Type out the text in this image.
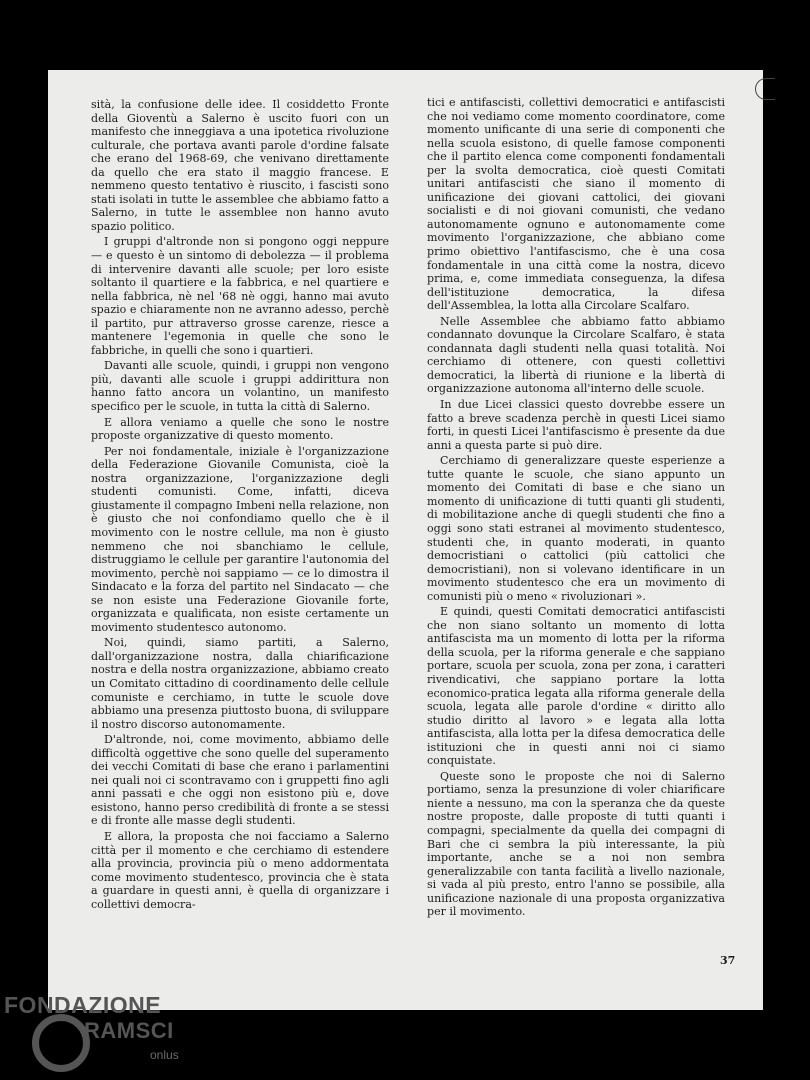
sità, la confusione delle idee. Il cosiddetto Fronte della Gioventù a Salerno è uscito fuori con un manifesto che inneggiava a una ipotetica rivoluzione culturale, che portava avanti parole d'ordine falsate che erano del 1968-69, che venivano direttamente da quello che era stato il maggio francese. E nemmeno questo tentativo è riuscito, i fascisti sono stati isolati in tutte le assemblee che abbiamo fatto a Salerno, in tutte le assemblee non hanno avuto spazio politico.

I gruppi d'altronde non si pongono oggi neppure — e questo è un sintomo di debolezza — il problema di intervenire davanti alle scuole; per loro esiste soltanto il quartiere e la fabbrica, e nel quartiere e nella fabbrica, nè nel '68 nè oggi, hanno mai avuto spazio e chiaramente non ne avranno adesso, perchè il partito, pur attraverso grosse carenze, riesce a mantenere l'egemonia in quelle che sono le fabbriche, in quelli che sono i quartieri.

Davanti alle scuole, quindi, i gruppi non vengono più, davanti alle scuole i gruppi addirittura non hanno fatto ancora un volantino, un manifesto specifico per le scuole, in tutta la città di Salerno.

E allora veniamo a quelle che sono le nostre proposte organizzative di questo momento.

Per noi fondamentale, iniziale è l'organizzazione della Federazione Giovanile Comunista, cioè la nostra organizzazione, l'organizzazione degli studenti comunisti. Come, infatti, diceva giustamente il compagno Imbeni nella relazione, non è giusto che noi confondiamo quello che è il movimento con le nostre cellule, ma non è giusto nemmeno che noi sbanchiamo le cellule, distruggiamo le cellule per garantire l'autonomia del movimento, perchè noi sappiamo — ce lo dimostra il Sindacato e la forza del partito nel Sindacato — che se non esiste una Federazione Giovanile forte, organizzata e qualificata, non esiste certamente un movimento studentesco autonomo.

Noi, quindi, siamo partiti, a Salerno, dall'organizzazione nostra, dalla chiarificazione nostra e della nostra organizzazione, abbiamo creato un Comitato cittadino di coordinamento delle cellule comuniste e cerchiamo, in tutte le scuole dove abbiamo una presenza piuttosto buona, di sviluppare il nostro discorso autonomamente.

D'altronde, noi, come movimento, abbiamo delle difficoltà oggettive che sono quelle del superamento dei vecchi Comitati di base che erano i parlamentini nei quali noi ci scontravamo con i gruppetti fino agli anni passati e che oggi non esistono più e, dove esistono, hanno perso credibilità di fronte a se stessi e di fronte alle masse degli studenti.

E allora, la proposta che noi facciamo a Salerno città per il momento e che cerchiamo di estendere alla provincia, provincia più o meno addormentata come movimento studentesco, provincia che è stata a guardare in questi anni, è quella di organizzare i collettivi democra-

tici e antifascisti, collettivi democratici e antifascisti che noi vediamo come momento coordinatore, come momento unificante di una serie di componenti che nella scuola esistono, di quelle famose componenti che il partito elenca come componenti fondamentali per la svolta democratica, cioè questi Comitati unitari antifascisti che siano il momento di unificazione dei giovani cattolici, dei giovani socialisti e di noi giovani comunisti, che vedano autonomamente ognuno e autonomamente come movimento l'organizzazione, che abbiano come primo obiettivo l'antifascismo, che è una cosa fondamentale in una città come la nostra, dicevo prima, e, come immediata conseguenza, la difesa dell'istituzione democratica, la difesa dell'Assemblea, la lotta alla Circolare Scalfaro.

Nelle Assemblee che abbiamo fatto abbiamo condannato dovunque la Circolare Scalfaro, è stata condannata dagli studenti nella quasi totalità. Noi cerchiamo di ottenere, con questi collettivi democratici, la libertà di riunione e la libertà di organizzazione autonoma all'interno delle scuole.

In due Licei classici questo dovrebbe essere un fatto a breve scadenza perchè in questi Licei siamo forti, in questi Licei l'antifascismo è presente da due anni a questa parte si può dire.

Cerchiamo di generalizzare queste esperienze a tutte quante le scuole, che siano appunto un momento dei Comitati di base e che siano un momento di unificazione di tutti quanti gli studenti, di mobilitazione anche di quegli studenti che fino a oggi sono stati estranei al movimento studentesco, studenti che, in quanto moderati, in quanto democristiani o cattolici (più cattolici che democristiani), non si volevano identificare in un movimento studentesco che era un movimento di comunisti più o meno « rivoluzionari ».

E quindi, questi Comitati democratici antifascisti che non siano soltanto un momento di lotta antifascista ma un momento di lotta per la riforma della scuola, per la riforma generale e che sappiano portare, scuola per scuola, zona per zona, i caratteri rivendicativi, che sappiano portare la lotta economico-pratica legata alla riforma generale della scuola, legata alle parole d'ordine « diritto allo studio diritto al lavoro » e legata alla lotta antifascista, alla lotta per la difesa democratica delle istituzioni che in questi anni noi ci siamo conquistate.

Queste sono le proposte che noi di Salerno portiamo, senza la presunzione di voler chiarificare niente a nessuno, ma con la speranza che da queste nostre proposte, dalle proposte di tutti quanti i compagni, specialmente da quella dei compagni di Bari che ci sembra la più interessante, la più importante, anche se a noi non sembra generalizzabile con tanta facilità a livello nazionale, si vada al più presto, entro l'anno se possibile, alla unificazione nazionale di una proposta organizzativa per il movimento.

37
FONDAZIONE
RAMSCI
onlus
